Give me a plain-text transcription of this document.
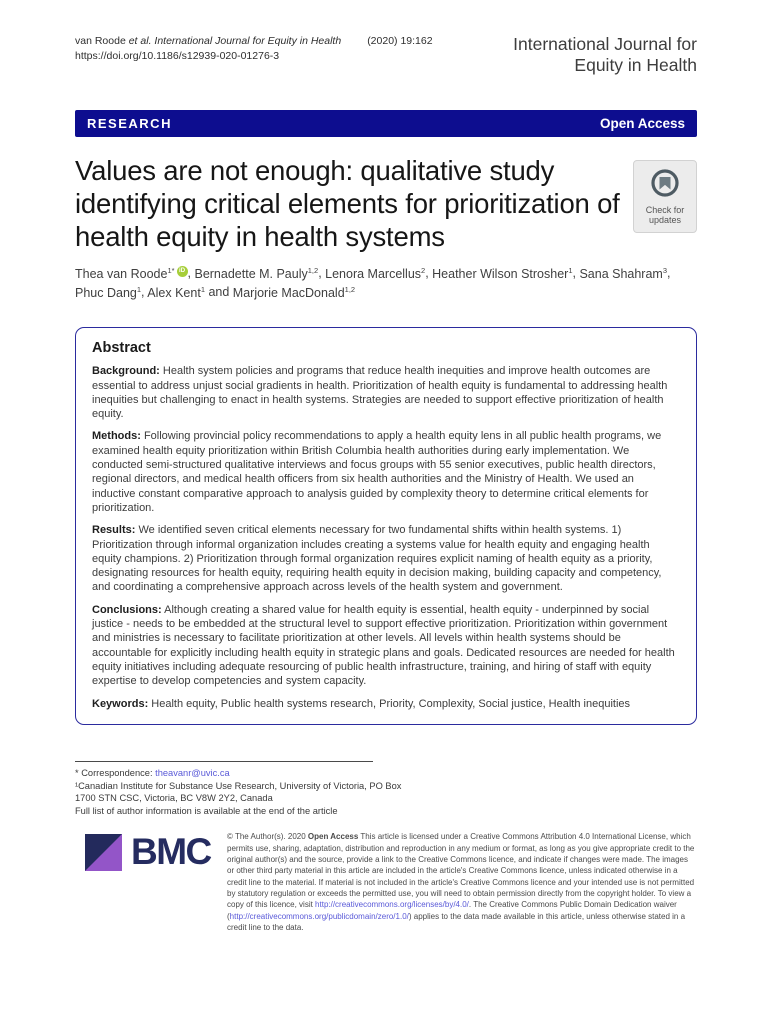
van Roode et al. International Journal for Equity in Health (2020) 19:162
https://doi.org/10.1186/s12939-020-01276-3
International Journal for
Equity in Health
RESEARCH	Open Access
Values are not enough: qualitative study identifying critical elements for prioritization of health equity in health systems
Check for
updates
Thea van Roode$^{1*}$ iD , Bernadette M. Pauly$^{1,2}$, Lenora Marcellus$^2$, Heather Wilson Strosher$^1$, Sana Shahram$^3$, Phuc Dang$^1$, Alex Kent$^1$ and Marjorie MacDonald$^{1,2}$
Abstract

Background: Health system policies and programs that reduce health inequities and improve health outcomes are essential to address unjust social gradients in health. Prioritization of health equity is fundamental to addressing health inequities but challenging to enact in health systems. Strategies are needed to support effective prioritization of health equity.

Methods: Following provincial policy recommendations to apply a health equity lens in all public health programs, we examined health equity prioritization within British Columbia health authorities during early implementation. We conducted semi-structured qualitative interviews and focus groups with 55 senior executives, public health directors, regional directors, and medical health officers from six health authorities and the Ministry of Health. We used an inductive constant comparative approach to analysis guided by complexity theory to determine critical elements for prioritization.

Results: We identified seven critical elements necessary for two fundamental shifts within health systems. 1) Prioritization through informal organization includes creating a systems value for health equity and engaging health equity champions. 2) Prioritization through formal organization requires explicit naming of health equity as a priority, designating resources for health equity, requiring health equity in decision making, building capacity and competency, and coordinating a comprehensive approach across levels of the health system and government.

Conclusions: Although creating a shared value for health equity is essential, health equity - underpinned by social justice - needs to be embedded at the structural level to support effective prioritization. Prioritization within government and ministries is necessary to facilitate prioritization at other levels. All levels within health systems should be accountable for explicitly including health equity in strategic plans and goals. Dedicated resources are needed for health equity initiatives including adequate resourcing of public health infrastructure, training, and hiring of staff with equity expertise to develop competencies and system capacity.

Keywords: Health equity, Public health systems research, Priority, Complexity, Social justice, Health inequities

* Correspondence: theavanr@uvic.ca
¹Canadian Institute for Substance Use Research, University of Victoria, PO Box 1700 STN CSC, Victoria, BC V8W 2Y2, Canada
Full list of author information is available at the end of the article
BMC © The Author(s). 2020 Open Access This article is licensed under a Creative Commons Attribution 4.0 International License, which permits use, sharing, adaptation, distribution and reproduction in any medium or format, as long as you give appropriate credit to the original author(s) and the source, provide a link to the Creative Commons licence, and indicate if changes were made. The images or other third party material in this article are included in the article's Creative Commons licence, unless indicated otherwise in a credit line to the material. If material is not included in the article's Creative Commons licence and your intended use is not permitted by statutory regulation or exceeds the permitted use, you will need to obtain permission directly from the copyright holder. To view a copy of this licence, visit http://creativecommons.org/licenses/by/4.0/. The Creative Commons Public Domain Dedication waiver (http://creativecommons.org/publicdomain/zero/1.0/) applies to the data made available in this article, unless otherwise stated in a credit line to the data.
